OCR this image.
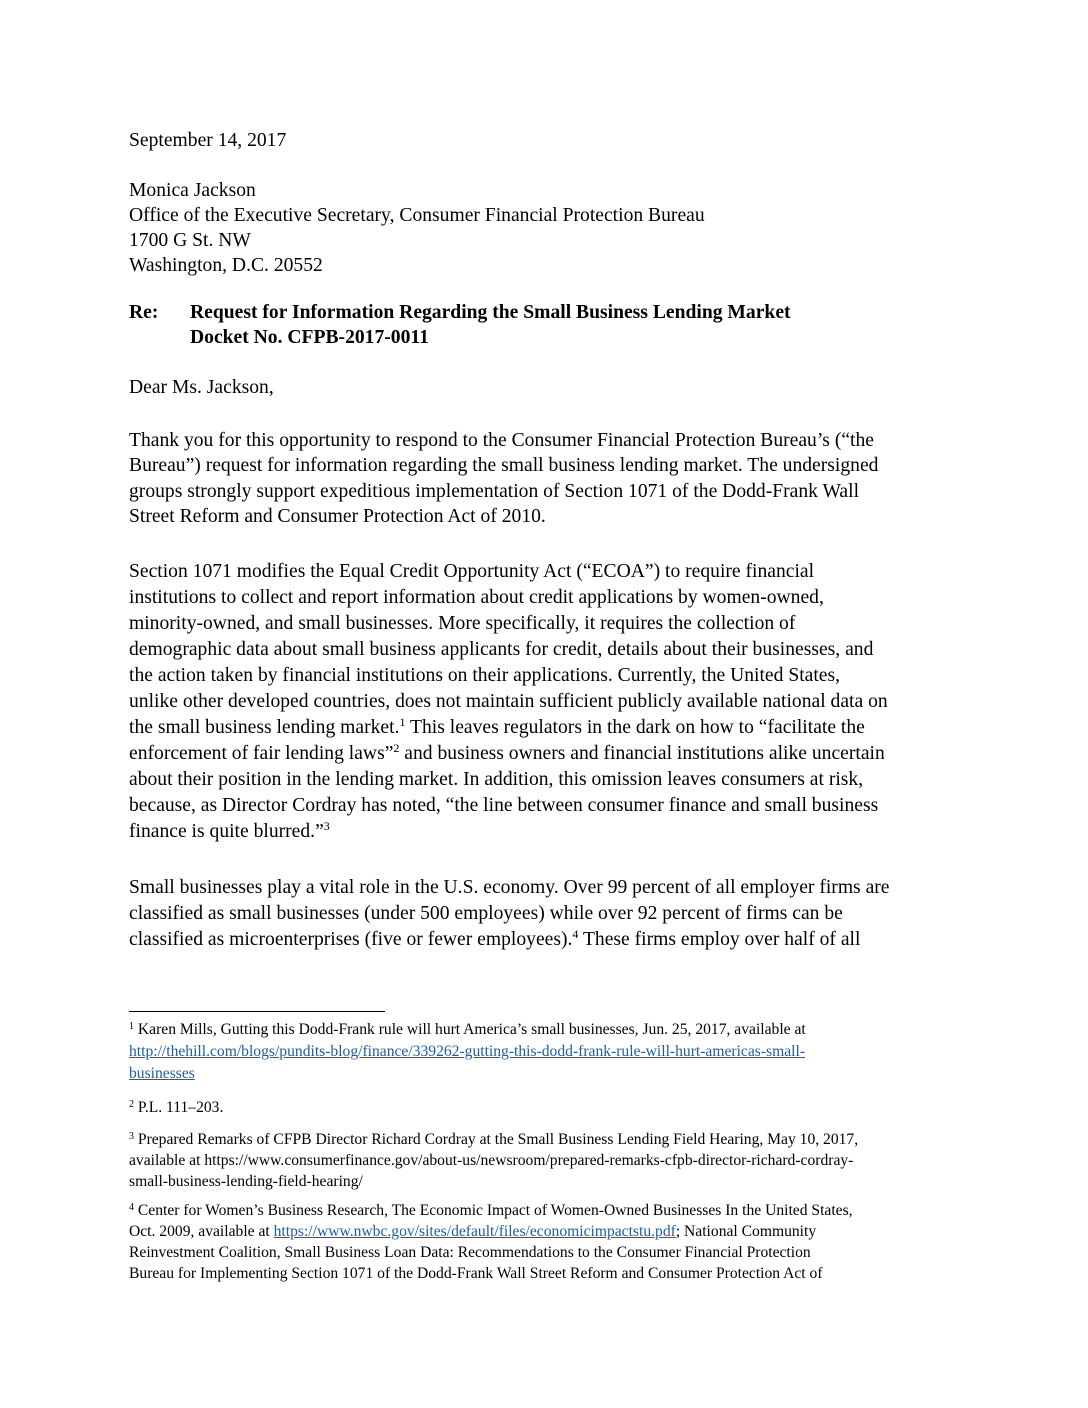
September 14, 2017
Monica Jackson
Office of the Executive Secretary, Consumer Financial Protection Bureau
1700 G St. NW
Washington, D.C. 20552
Re: Request for Information Regarding the Small Business Lending Market
Docket No. CFPB-2017-0011
Dear Ms. Jackson,
Thank you for this opportunity to respond to the Consumer Financial Protection Bureau’s (“the
Bureau”) request for information regarding the small business lending market. The undersigned
groups strongly support expeditious implementation of Section 1071 of the Dodd-Frank Wall
Street Reform and Consumer Protection Act of 2010.
Section 1071 modifies the Equal Credit Opportunity Act (“ECOA”) to require financial
institutions to collect and report information about credit applications by women-owned,
minority-owned, and small businesses. More specifically, it requires the collection of
demographic data about small business applicants for credit, details about their businesses, and
the action taken by financial institutions on their applications. Currently, the United States,
unlike other developed countries, does not maintain sufficient publicly available national data on
the small business lending market.$^1$ This leaves regulators in the dark on how to “facilitate the
enforcement of fair lending laws”$^2$ and business owners and financial institutions alike uncertain
about their position in the lending market. In addition, this omission leaves consumers at risk,
because, as Director Cordray has noted, “the line between consumer finance and small business
finance is quite blurred.”$^3$
Small businesses play a vital role in the U.S. economy. Over 99 percent of all employer firms are
classified as small businesses (under 500 employees) while over 92 percent of firms can be
classified as microenterprises (five or fewer employees).$^4$ These firms employ over half of all
$^1$ Karen Mills, Gutting this Dodd-Frank rule will hurt America’s small businesses, Jun. 25, 2017, available at
http://thehill.com/blogs/pundits-blog/finance/339262-gutting-this-dodd-frank-rule-will-hurt-americas-small-
businesses
$^2$ P.L. 111–203.
$^3$ Prepared Remarks of CFPB Director Richard Cordray at the Small Business Lending Field Hearing, May 10, 2017,
available at https://www.consumerfinance.gov/about-us/newsroom/prepared-remarks-cfpb-director-richard-cordray-
small-business-lending-field-hearing/
$^4$ Center for Women’s Business Research, The Economic Impact of Women-Owned Businesses In the United States,
Oct. 2009, available at https://www.nwbc.gov/sites/default/files/economicimpactstu.pdf; National Community
Reinvestment Coalition, Small Business Loan Data: Recommendations to the Consumer Financial Protection
Bureau for Implementing Section 1071 of the Dodd-Frank Wall Street Reform and Consumer Protection Act of
